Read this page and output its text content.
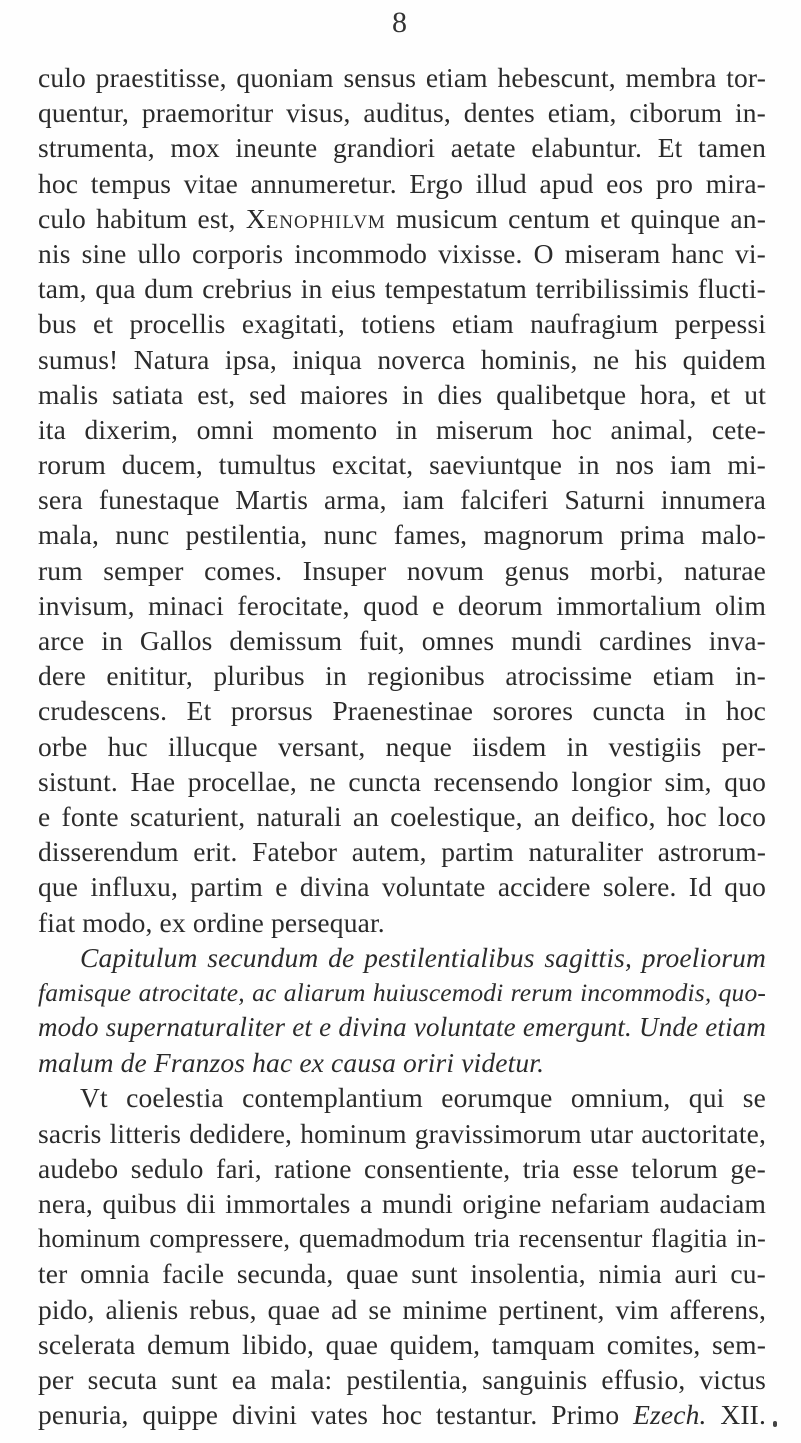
8
culo praestitisse, quoniam sensus etiam hebescunt, membra tor-
quentur, praemoritur visus, auditus, dentes etiam, ciborum in-
strumenta, mox ineunte grandiori aetate elabuntur. Et tamen
hoc tempus vitae annumeretur. Ergo illud apud eos pro mira-
culo habitum est, Xenophilvm musicum centum et quinque an-
nis sine ullo corporis incommodo vixisse. O miseram hanc vi-
tam, qua dum crebrius in eius tempestatum terribilissimis flucti-
bus et procellis exagitati, totiens etiam naufragium perpessi
sumus! Natura ipsa, iniqua noverca hominis, ne his quidem
malis satiata est, sed maiores in dies qualibetque hora, et ut
ita dixerim, omni momento in miserum hoc animal, cete-
rorum ducem, tumultus excitat, saeviuntque in nos iam mi-
sera funestaque Martis arma, iam falciferi Saturni innumera
mala, nunc pestilentia, nunc fames, magnorum prima malo-
rum semper comes. Insuper novum genus morbi, naturae
invisum, minaci ferocitate, quod e deorum immortalium olim
arce in Gallos demissum fuit, omnes mundi cardines inva-
dere enititur, pluribus in regionibus atrocissime etiam in-
crudescens. Et prorsus Praenestinae sorores cuncta in hoc
orbe huc illucque versant, neque iisdem in vestigiis per-
sistunt. Hae procellae, ne cuncta recensendo longior sim, quo
e fonte scaturient, naturali an coelestique, an deifico, hoc loco
disserendum erit. Fatebor autem, partim naturaliter astrorum-
que influxu, partim e divina voluntate accidere solere. Id quo
fiat modo, ex ordine persequar.
Capitulum secundum de pestilentialibus sagittis, proeliorum
famisque atrocitate, ac aliarum huiuscemodi rerum incommodis, quo-
modo supernaturaliter et e divina voluntate emergunt. Unde etiam
malum de Franzos hac ex causa oriri videtur.
Vt coelestia contemplantium eorumque omnium, qui se
sacris litteris dedidere, hominum gravissimorum utar auctoritate,
audebo sedulo fari, ratione consentiente, tria esse telorum ge-
nera, quibus dii immortales a mundi origine nefariam audaciam
hominum compressere, quemadmodum tria recensentur flagitia in-
ter omnia facile secunda, quae sunt insolentia, nimia auri cu-
pido, alienis rebus, quae ad se minime pertinent, vim afferens,
scelerata demum libido, quae quidem, tamquam comites, sem-
per secuta sunt ea mala: pestilentia, sanguinis effusio, victus
penuria, quippe divini vates hoc testantur. Primo Ezech. XII.
